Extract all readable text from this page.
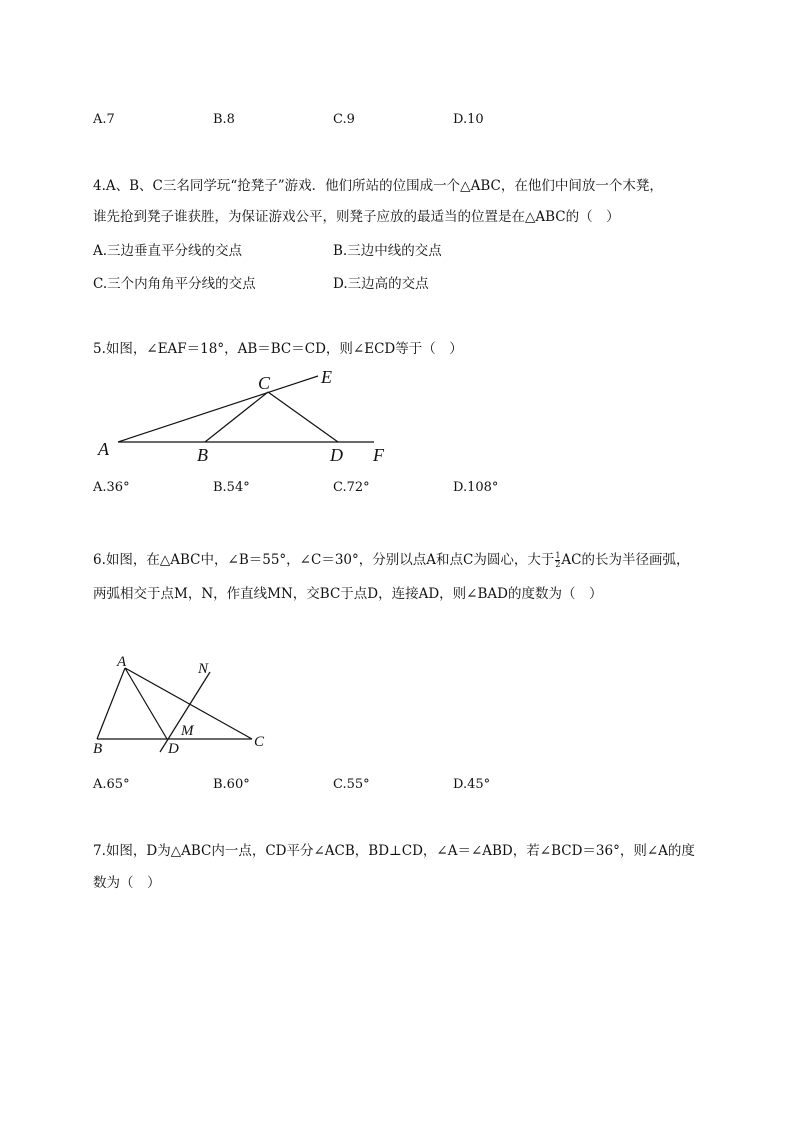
A.7	B.8	C.9	D.10
4.A、B、C三名同学玩“抢凳子”游戏．他们所站的位围成一个△ABC，在他们中间放一个木凳，
谁先抢到凳子谁获胜，为保证游戏公平，则凳子应放的最适当的位置是在△ABC的（　）
A.三边垂直平分线的交点	B.三边中线的交点
C.三个内角角平分线的交点	D.三边高的交点
5.如图，∠EAF＝18°，AB＝BC＝CD，则∠ECD等于（　）
A	B
C
D
E
F
A.36°	B.54°	C.72°	D.108°
6.如图，在△ABC中，∠B＝55°，∠C＝30°，分别以点A和点C为圆心，大于 $\frac{1}{2}$ AC的长为半径画弧，
两弧相交于点M，N，作直线MN，交BC于点D，连接AD，则∠BAD的度数为（　）
A
B	C
D
M
N
A.65°	B.60°	C.55°	D.45°
7.如图，D为△ABC内一点，CD平分∠ACB，BD⊥CD，∠A＝∠ABD，若∠BCD＝36°，则∠A的度
数为（　）
